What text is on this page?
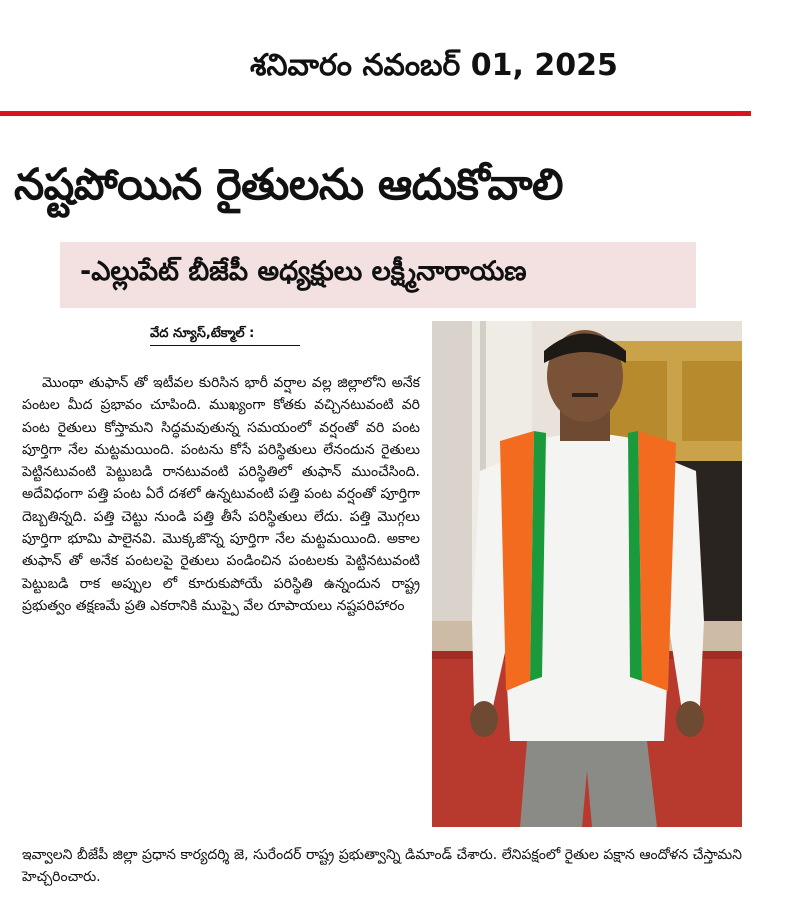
శనివారం నవంబర్ 01, 2025
నష్టపోయిన రైతులను ఆదుకోవాలి
-ఎల్లుపేట్ బీజేపీ అధ్యక్షులు లక్ష్మీనారాయణ
వేద న్యూస్,టేక్మాల్ :
మొంథా తుఫాన్ తో ఇటీవల కురిసిన భారీ వర్షాల వల్ల జిల్లాలోని అనేక పంటల మీద ప్రభావం చూపింది. ముఖ్యంగా కోతకు వచ్చినటువంటి వరి పంట రైతులు కోస్తామని సిద్ధమవుతున్న సమయంలో వర్షంతో వరి పంట పూర్తిగా నేల మట్టమయింది. పంటను కోసే పరిస్థితులు లేనందున రైతులు పెట్టినటువంటి పెట్టుబడి రానటువంటి పరిస్థితిలో తుఫాన్ ముంచేసింది. అదేవిధంగా పత్తి పంట ఏరే దశలో ఉన్నటువంటి పత్తి పంట వర్షంతో పూర్తిగా దెబ్బతిన్నది. పత్తి చెట్టు నుండి పత్తి తీసే పరిస్థితులు లేదు. పత్తి మొగ్గలు పూర్తిగా భూమి పాలైనవి. మొక్కజొన్న పూర్తిగా నేల మట్టమయింది. అకాల తుఫాన్ తో అనేక పంటలపై రైతులు పండించిన పంటలకు పెట్టినటువంటి పెట్టుబడి రాక అప్పుల లో కూరుకుపోయే పరిస్థితి ఉన్నందున రాష్ట్ర ప్రభుత్వం తక్షణమే ప్రతి ఎకరానికి ముప్పై వేల రూపాయలు నష్టపరిహారం
ఇవ్వాలని బీజేపీ జిల్లా ప్రధాన కార్యదర్శి జె, సురేందర్ రాష్ట్ర ప్రభుత్వాన్ని డిమాండ్ చేశారు. లేనిపక్షంలో రైతుల పక్షాన ఆందోళన చేస్తామని హెచ్చరించారు.
